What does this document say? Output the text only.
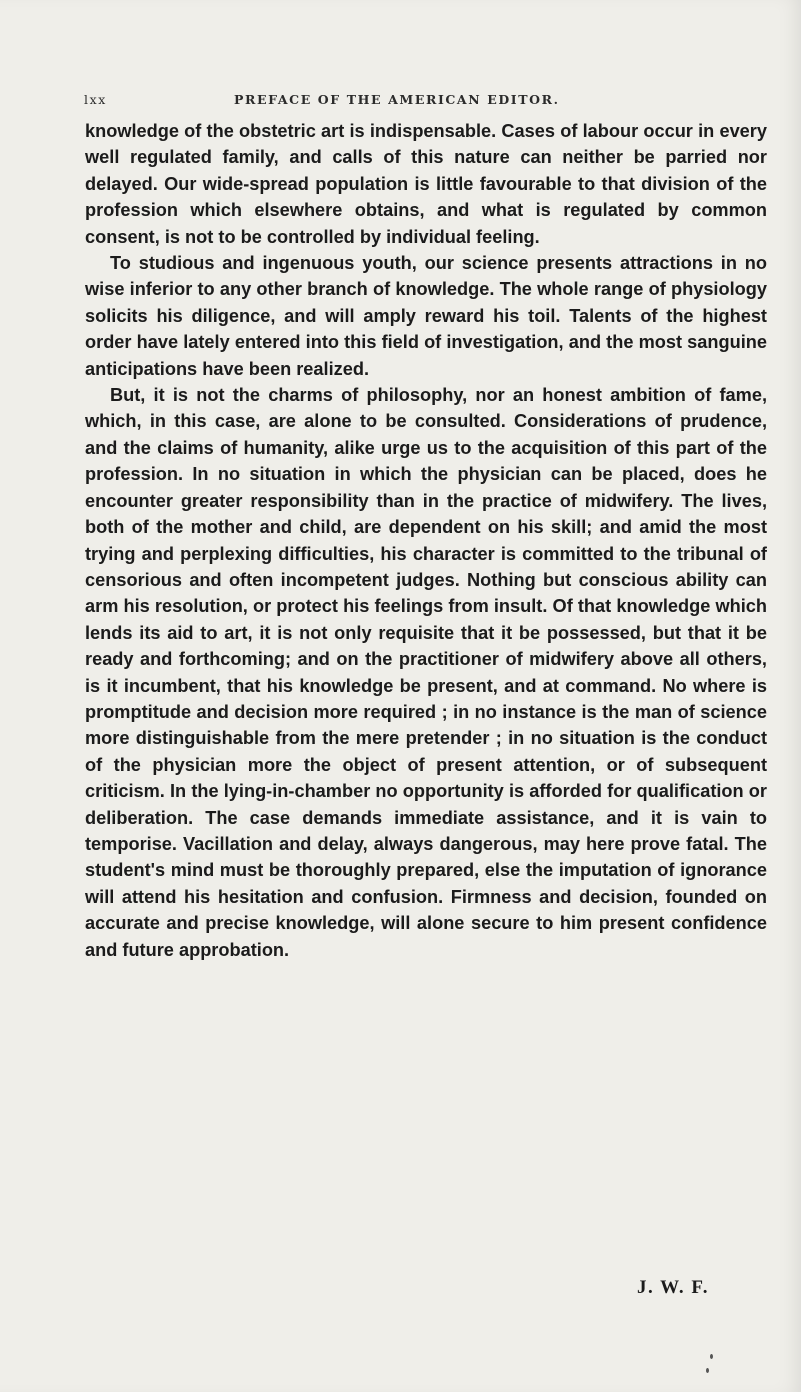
lxx	PREFACE OF THE AMERICAN EDITOR.

knowledge of the obstetric art is indispensable. Cases of labour occur in every well regulated family, and calls of this nature can neither be parried nor delayed. Our wide-spread population is little favourable to that division of the profession which elsewhere obtains, and what is regulated by common consent, is not to be controlled by individual feeling.

To studious and ingenuous youth, our science presents attractions in no wise inferior to any other branch of knowledge. The whole range of physiology solicits his diligence, and will amply reward his toil. Talents of the highest order have lately entered into this field of investigation, and the most sanguine anticipations have been realized.

But, it is not the charms of philosophy, nor an honest ambition of fame, which, in this case, are alone to be consulted. Considerations of prudence, and the claims of humanity, alike urge us to the acquisition of this part of the profession. In no situation in which the physician can be placed, does he encounter greater responsibility than in the practice of midwifery. The lives, both of the mother and child, are dependent on his skill; and amid the most trying and perplexing difficulties, his character is committed to the tribunal of censorious and often incompetent judges. Nothing but conscious ability can arm his resolution, or protect his feelings from insult. Of that knowledge which lends its aid to art, it is not only requisite that it be possessed, but that it be ready and forthcoming; and on the practitioner of midwifery above all others, is it incumbent, that his knowledge be present, and at command. No where is promptitude and decision more required ; in no instance is the man of science more distinguishable from the mere pretender ; in no situation is the conduct of the physician more the object of present attention, or of subsequent criticism. In the lying-in-chamber no opportunity is afforded for qualification or deliberation. The case demands immediate assistance, and it is vain to temporise. Vacillation and delay, always dangerous, may here prove fatal. The student's mind must be thoroughly prepared, else the imputation of ignorance will attend his hesitation and confusion. Firmness and decision, founded on accurate and precise knowledge, will alone secure to him present confidence and future approbation.

J. W. F.
